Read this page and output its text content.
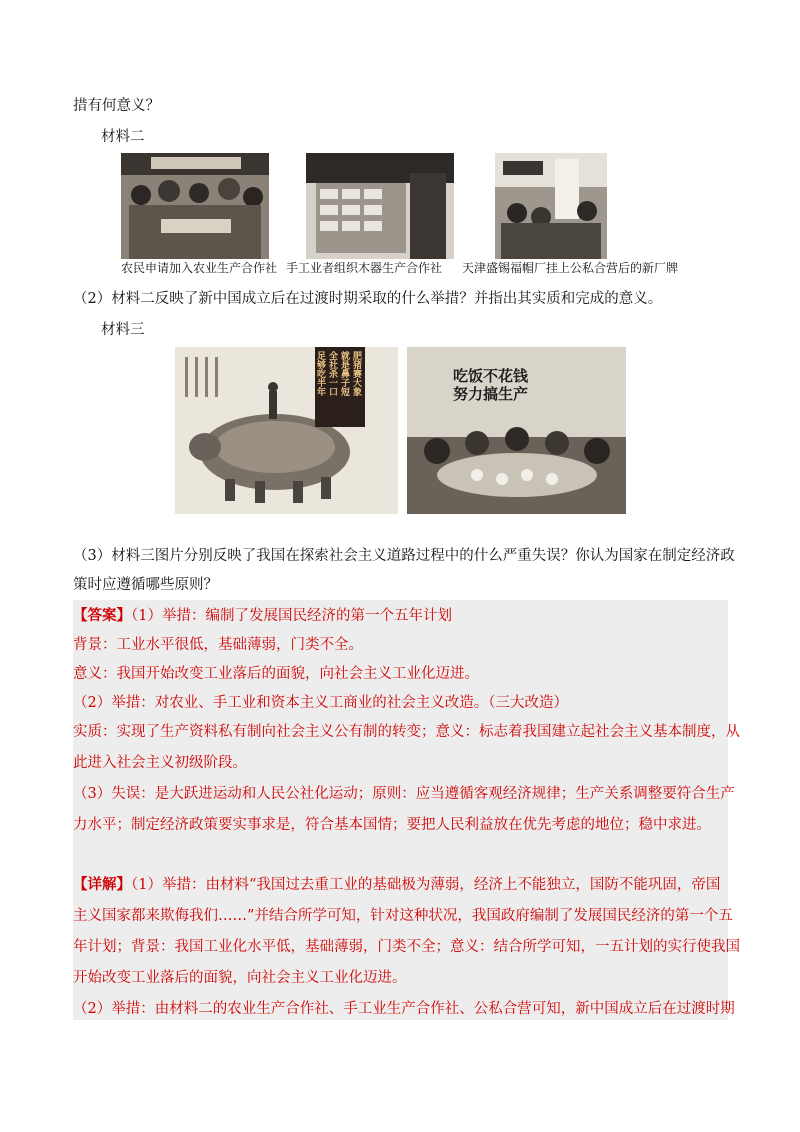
措有何意义？
材料二
农民申请加入农业生产合作社 手工业者组织木器生产合作社 天津盛锡福帽厂挂上公私合营后的新厂牌
（2）材料二反映了新中国成立后在过渡时期采取的什么举措？并指出其实质和完成的意义。
材料三
肥猪赛大象
就是鼻子短
全社杀一口
足够吃半年	吃饭不花钱
努力搞生产
（3）材料三图片分别反映了我国在探索社会主义道路过程中的什么严重失误？你认为国家在制定经济政
策时应遵循哪些原则？
【答案】（1）举措：编制了发展国民经济的第一个五年计划
背景：工业水平很低，基础薄弱，门类不全。
意义：我国开始改变工业落后的面貌，向社会主义工业化迈进。
（2）举措：对农业、手工业和资本主义工商业的社会主义改造。（三大改造）
实质：实现了生产资料私有制向社会主义公有制的转变；意义：标志着我国建立起社会主义基本制度，从
此进入社会主义初级阶段。
（3）失误：是大跃进运动和人民公社化运动；原则：应当遵循客观经济规律；生产关系调整要符合生产
力水平；制定经济政策要实事求是，符合基本国情；要把人民利益放在优先考虑的地位；稳中求进。
【详解】（1）举措：由材料“我国过去重工业的基础极为薄弱，经济上不能独立，国防不能巩固，帝国
主义国家都来欺侮我们……”并结合所学可知，针对这种状况，我国政府编制了发展国民经济的第一个五
年计划；背景：我国工业化水平低，基础薄弱，门类不全；意义：结合所学可知，一五计划的实行使我国
开始改变工业落后的面貌，向社会主义工业化迈进。
（2）举措：由材料二的农业生产合作社、手工业生产合作社、公私合营可知，新中国成立后在过渡时期
